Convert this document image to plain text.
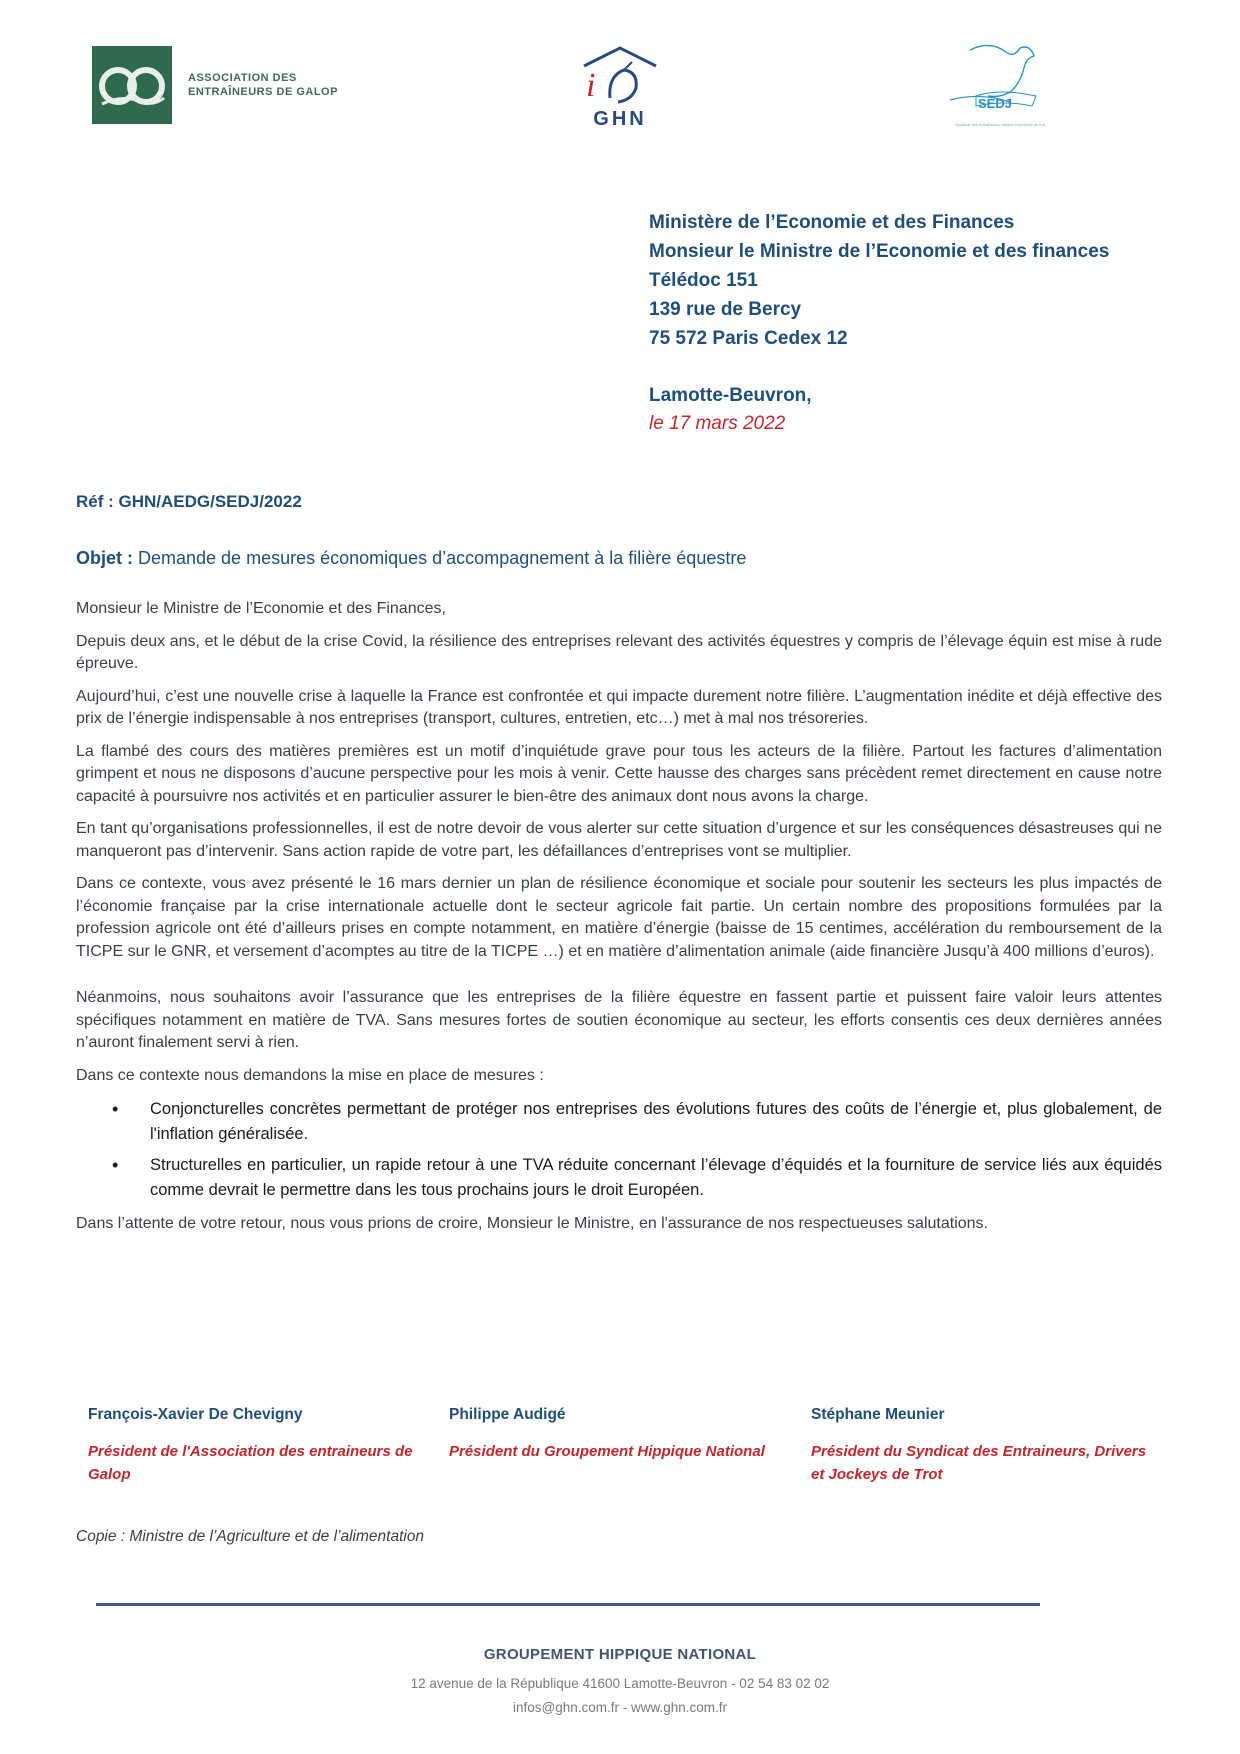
ASSOCIATION DES
ENTRAÎNEURS DE GALOP	i
GHN
SEDJ
Syndicat des entraîneurs, drivers et jockeys de trot
Ministère de l’Economie et des Finances
Monsieur le Ministre de l’Economie et des finances
Télédoc 151
139 rue de Bercy
75 572 Paris Cedex 12
Lamotte-Beuvron,
le 17 mars 2022
Réf : GHN/AEDG/SEDJ/2022
Objet : Demande de mesures économiques d’accompagnement à la filière équestre

Monsieur le Ministre de l’Economie et des Finances,

Depuis deux ans, et le début de la crise Covid, la résilience des entreprises relevant des activités équestres y compris de l’élevage équin est mise à rude épreuve.

Aujourd’hui, c’est une nouvelle crise à laquelle la France est confrontée et qui impacte durement notre filière. L’augmentation inédite et déjà effective des prix de l’énergie indispensable à nos entreprises (transport, cultures, entretien, etc…) met à mal nos trésoreries.

La flambé des cours des matières premières est un motif d’inquiétude grave pour tous les acteurs de la filière. Partout les factures d’alimentation grimpent et nous ne disposons d’aucune perspective pour les mois à venir. Cette hausse des charges sans précèdent remet directement en cause notre capacité à poursuivre nos activités et en particulier assurer le bien-être des animaux dont nous avons la charge.

En tant qu’organisations professionnelles, il est de notre devoir de vous alerter sur cette situation d’urgence et sur les conséquences désastreuses qui ne manqueront pas d’intervenir. Sans action rapide de votre part, les défaillances d’entreprises vont se multiplier.

Dans ce contexte, vous avez présenté le 16 mars dernier un plan de résilience économique et sociale pour soutenir les secteurs les plus impactés de l’économie française par la crise internationale actuelle dont le secteur agricole fait partie. Un certain nombre des propositions formulées par la profession agricole ont été d’ailleurs prises en compte notamment, en matière d’énergie (baisse de 15 centimes, accélération du remboursement de la TICPE sur le GNR, et versement d’acomptes au titre de la TICPE …) et en matière d’alimentation animale (aide financière Jusqu’à 400 millions d’euros).

Néanmoins, nous souhaitons avoir l’assurance que les entreprises de la filière équestre en fassent partie et puissent faire valoir leurs attentes spécifiques notamment en matière de TVA. Sans mesures fortes de soutien économique au secteur, les efforts consentis ces deux dernières années n’auront finalement servi à rien.

Dans ce contexte nous demandons la mise en place de mesures :

• Conjoncturelles concrètes permettant de protéger nos entreprises des évolutions futures des coûts de l’énergie et, plus globalement, de l'inflation généralisée.
• Structurelles en particulier, un rapide retour à une TVA réduite concernant l’élevage d’équidés et la fourniture de service liés aux équidés comme devrait le permettre dans les tous prochains jours le droit Européen.

Dans l’attente de votre retour, nous vous prions de croire, Monsieur le Ministre, en l'assurance de nos respectueuses salutations.

François-Xavier De Chevigny
Président de l'Association des entraineurs de Galop
Philippe Audigé
Président du Groupement Hippique National
Stéphane Meunier
Président du Syndicat des Entraineurs, Drivers et Jockeys de Trot
Copie : Ministre de l’Agriculture et de l’alimentation
GROUPEMENT HIPPIQUE NATIONAL
12 avenue de la République 41600 Lamotte-Beuvron - 02 54 83 02 02
infos@ghn.com.fr - www.ghn.com.fr
